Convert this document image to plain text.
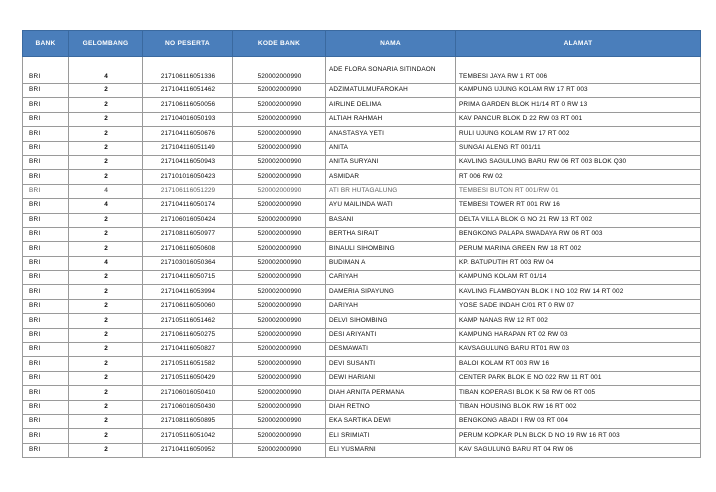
BANK	GELOMBANG	NO PESERTA	KODE BANK	NAMA	ALAMAT
BRI	4	217106116051336	520002000990	ADE FLORA SONARIA SITINDAON	TEMBESI JAYA RW 1 RT 006
BRI	2	217104116051462	520002000990	ADZIMATULMUFAROKAH	KAMPUNG UJUNG KOLAM RW 17 RT 003
BRI	2	217106116050056	520002000990	AIRLINE DELIMA	PRIMA GARDEN BLOK H1/14 RT 0 RW 13
BRI	2	217104016050193	520002000990	ALTIAH RAHMAH	KAV PANCUR BLOK D 22 RW 03 RT 001
BRI	2	217104116050676	520002000990	ANASTASYA YETI	RULI UJUNG KOLAM RW 17 RT 002
BRI	2	217104116051149	520002000990	ANITA	SUNGAI ALENG RT 001/11
BRI	2	217104116050943	520002000990	ANITA SURYANI	KAVLING SAGULUNG BARU RW 06 RT 003 BLOK Q30
BRI	2	217101016050423	520002000990	ASMIDAR	RT 006 RW 02
BRI	4	217106116051229	520002000990	ATI BR HUTAGALUNG	TEMBESI BUTON RT 001/RW 01
BRI	4	217104116050174	520002000990	AYU MAILINDA WATI	TEMBESI TOWER RT 001 RW 16
BRI	2	217106016050424	520002000990	BASANI	DELTA VILLA BLOK G NO 21 RW 13 RT 002
BRI	2	217108116050977	520002000990	BERTHA SIRAIT	BENGKONG PALAPA SWADAYA RW 06 RT 003
BRI	2	217106116050608	520002000990	BINAULI SIHOMBING	PERUM MARINA GREEN RW 18 RT 002
BRI	4	217103016050364	520002000990	BUDIMAN A	KP. BATUPUTIH RT 003 RW 04
BRI	2	217104116050715	520002000990	CARIYAH	KAMPUNG KOLAM RT 01/14
BRI	2	217104116053994	520002000990	DAMERIA SIPAYUNG	KAVLING FLAMBOYAN BLOK I NO 102 RW 14 RT 002
BRI	2	217106116050060	520002000990	DARIYAH	YOSE SADE INDAH C/01 RT 0 RW 07
BRI	2	217105116051462	520002000990	DELVI SIHOMBING	KAMP NANAS RW 12 RT 002
BRI	2	217106116050275	520002000990	DESI ARIYANTI	KAMPUNG HARAPAN RT 02 RW 03
BRI	2	217104116050827	520002000990	DESMAWATI	KAVSAGULUNG BARU RT01 RW 03
BRI	2	217105116051582	520002000990	DEVI SUSANTI	BALOI KOLAM RT 003 RW 16
BRI	2	217105116050429	520002000990	DEWI HARIANI	CENTER PARK BLOK E NO 022 RW 11 RT 001
BRI	2	217106016050410	520002000990	DIAH ARNITA PERMANA	TIBAN KOPERASI BLOK K 58 RW 06 RT 005
BRI	2	217106016050430	520002000990	DIAH RETNO	TIBAN HOUSING BLOK RW 16 RT 002
BRI	2	217108116050895	520002000990	EKA SARTIKA DEWI	BENGKONG ABADI I RW 03 RT 004
BRI	2	217105116051042	520002000990	ELI SRIMIATI	PERUM KOPKAR PLN BLCK D NO 19 RW 16 RT 003
BRI	2	217104116050952	520002000990	ELI YUSMARNI	KAV SAGULUNG BARU RT 04 RW 06
